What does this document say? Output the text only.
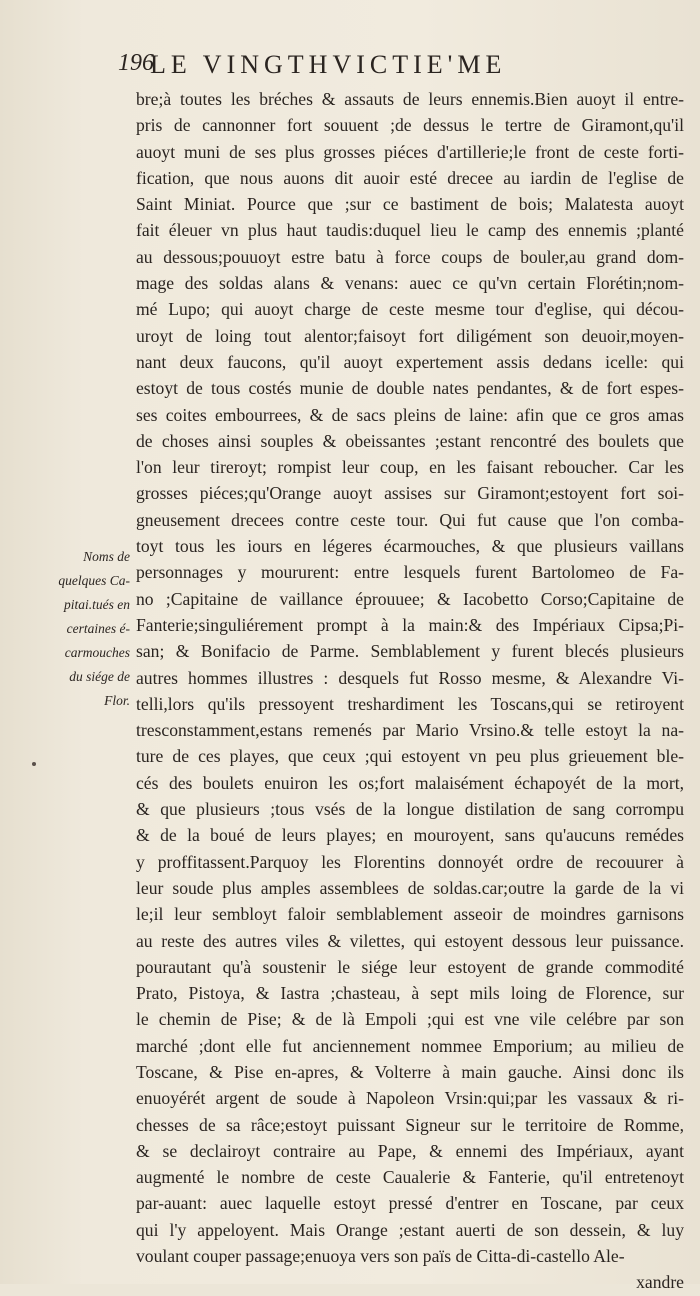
196
LE VINGTHVICTIE'ME
Noms de
quelques Ca-
pitai.tués en
certaines é-
carmouches
du siége de
Flor.
bre;à toutes les bréches & assauts de leurs ennemis.Bien auoyt il entre-
pris de cannonner fort souuent ;de dessus le tertre de Giramont,qu'il
auoyt muni de ses plus grosses piéces d'artillerie;le front de ceste forti-
fication, que nous auons dit auoir esté drecee au iardin de l'eglise de
Saint Miniat. Pource que ;sur ce bastiment de bois; Malatesta auoyt
fait éleuer vn plus haut taudis:duquel lieu le camp des ennemis ;planté
au dessous;pouuoyt estre batu à force coups de bouler,au grand dom-
mage des soldas alans & venans: auec ce qu'vn certain Florétin;nom-
mé Lupo; qui auoyt charge de ceste mesme tour d'eglise, qui décou-
uroyt de loing tout alentor;faisoyt fort diligément son deuoir,moyen-
nant deux faucons, qu'il auoyt expertement assis dedans icelle: qui
estoyt de tous costés munie de double nates pendantes, & de fort espes-
ses coites embourrees, & de sacs pleins de laine: afin que ce gros amas
de choses ainsi souples & obeissantes ;estant rencontré des boulets que
l'on leur tireroyt; rompist leur coup, en les faisant reboucher. Car les
grosses piéces;qu'Orange auoyt assises sur Giramont;estoyent fort soi-
gneusement drecees contre ceste tour. Qui fut cause que l'on comba-
toyt tous les iours en légeres écarmouches, & que plusieurs vaillans
personnages y moururent: entre lesquels furent Bartolomeo de Fa-
no ;Capitaine de vaillance éprouuee; & Iacobetto Corso;Capitaine de
Fanterie;singuliérement prompt à la main:& des Impériaux Cipsa;Pi-
san; & Bonifacio de Parme. Semblablement y furent blecés plusieurs
autres hommes illustres : desquels fut Rosso mesme, & Alexandre Vi-
telli,lors qu'ils pressoyent treshardiment les Toscans,qui se retiroyent
tresconstamment,estans remenés par Mario Vrsino.& telle estoyt la na-
ture de ces playes, que ceux ;qui estoyent vn peu plus grieuement ble-
cés des boulets enuiron les os;fort malaisément échapoyét de la mort,
& que plusieurs ;tous vsés de la longue distilation de sang corrompu
& de la boué de leurs playes; en mouroyent, sans qu'aucuns remédes
y proffitassent.Parquoy les Florentins donnoyét ordre de recouurer à
leur soude plus amples assemblees de soldas.car;outre la garde de la vi
le;il leur sembloyt faloir semblablement asseoir de moindres garnisons
au reste des autres viles & vilettes, qui estoyent dessous leur puissance.
pourautant qu'à soustenir le siége leur estoyent de grande commodité
Prato, Pistoya, & Iastra ;chasteau, à sept mils loing de Florence, sur
le chemin de Pise; & de là Empoli ;qui est vne vile celébre par son
marché ;dont elle fut anciennement nommee Emporium; au milieu de
Toscane, & Pise en-apres, & Volterre à main gauche. Ainsi donc ils
enuoyérét argent de soude à Napoleon Vrsin:qui;par les vassaux & ri-
chesses de sa râce;estoyt puissant Signeur sur le territoire de Romme,
& se declairoyt contraire au Pape, & ennemi des Impériaux, ayant
augmenté le nombre de ceste Caualerie & Fanterie, qu'il entretenoyt
par-auant: auec laquelle estoyt pressé d'entrer en Toscane, par ceux
qui l'y appeloyent. Mais Orange ;estant auerti de son dessein, & luy
voulant couper passage;enuoya vers son païs de Citta-di-castello Ale-
xandre
